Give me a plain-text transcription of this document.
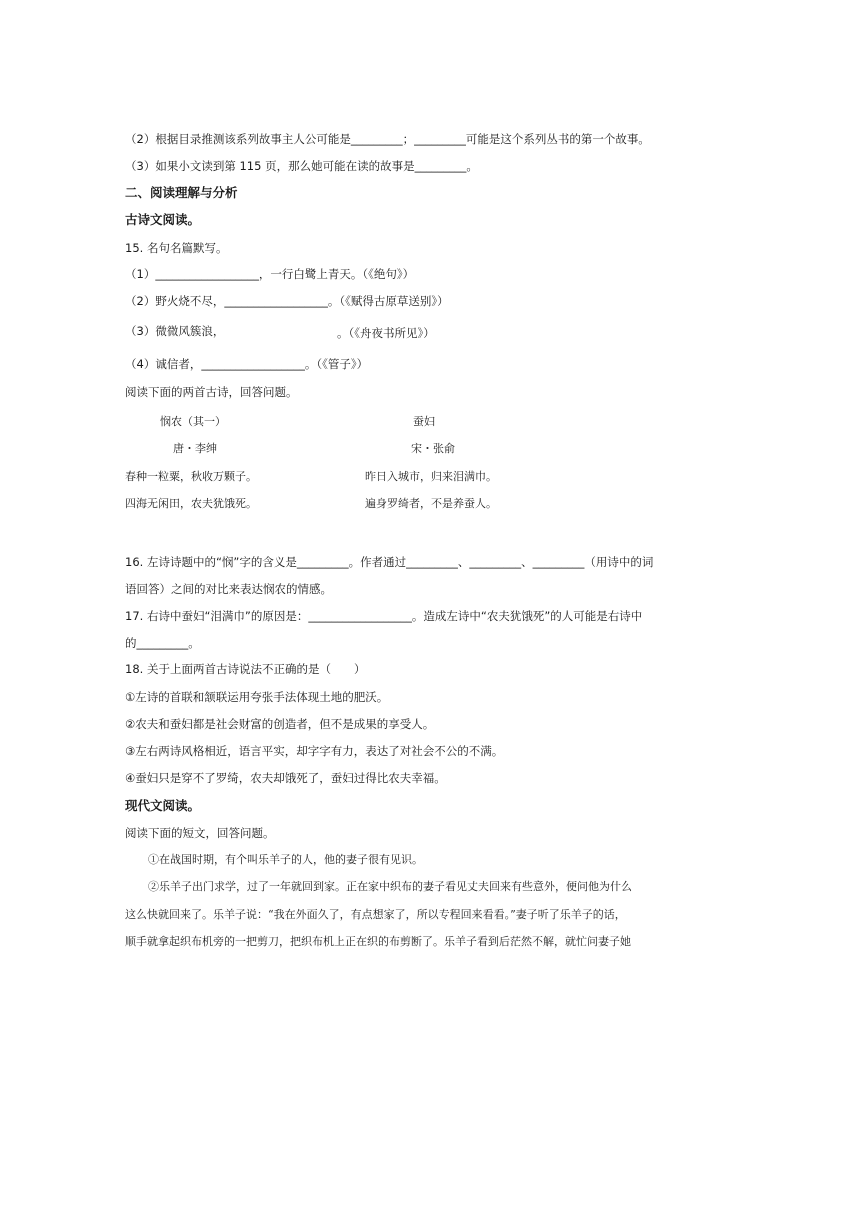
（2）根据目录推测该系列故事主人公可能是_________；_________可能是这个系列丛书的第一个故事。
（3）如果小文读到第 115 页，那么她可能在读的故事是_________。
二、阅读理解与分析
古诗文阅读。
15. 名句名篇默写。
（1）__________________，一行白鹭上青天。（《绝句》）
（2）野火烧不尽，__________________。（《赋得古原草送别》）
（3）微微风簇浪，	。（《舟夜书所见》）
（4）诚信者，__________________。（《管子》）
阅读下面的两首古诗，回答问题。
悯农（其一）
唐・李绅
春种一粒粟，秋收万颗子。
四海无闲田，农夫犹饿死。
蚕妇
宋・张俞
昨日入城市，归来泪满巾。
遍身罗绮者，不是养蚕人。
16. 左诗诗题中的“悯”字的含义是_________。作者通过_________、_________、_________（用诗中的词
语回答）之间的对比来表达悯农的情感。
17. 右诗中蚕妇“泪满巾”的原因是：__________________。造成左诗中“农夫犹饿死”的人可能是右诗中
的_________。
18. 关于上面两首古诗说法不正确的是（　　）
①左诗的首联和颔联运用夸张手法体现土地的肥沃。
②农夫和蚕妇都是社会财富的创造者，但不是成果的享受人。
③左右两诗风格相近，语言平实，却字字有力，表达了对社会不公的不满。
④蚕妇只是穿不了罗绮，农夫却饿死了，蚕妇过得比农夫幸福。
现代文阅读。
阅读下面的短文，回答问题。
①在战国时期，有个叫乐羊子的人，他的妻子很有见识。
②乐羊子出门求学，过了一年就回到家。正在家中织布的妻子看见丈夫回来有些意外，便问他为什么
这么快就回来了。乐羊子说：“我在外面久了，有点想家了，所以专程回来看看。”妻子听了乐羊子的话，
顺手就拿起织布机旁的一把剪刀，把织布机上正在织的布剪断了。乐羊子看到后茫然不解，就忙问妻子她
